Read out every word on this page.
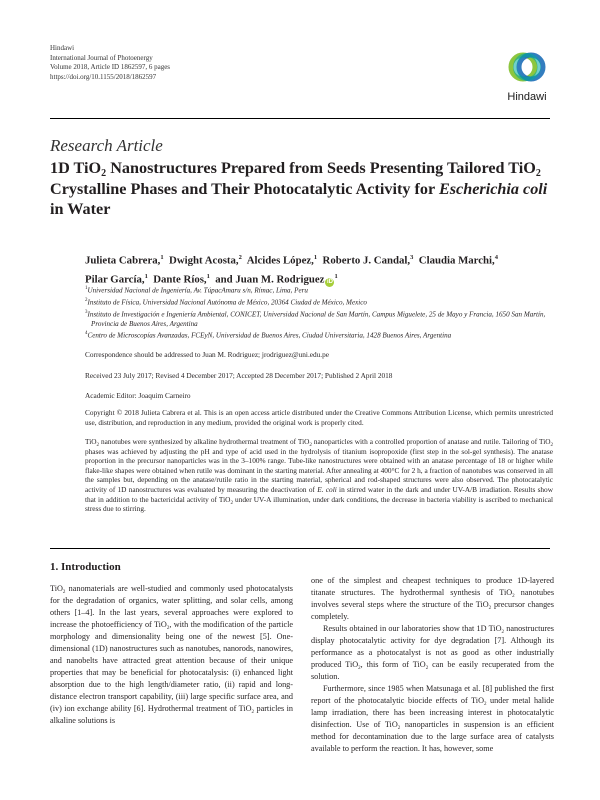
Hindawi
International Journal of Photoenergy
Volume 2018, Article ID 1862597, 6 pages
https://doi.org/10.1155/2018/1862597
Hindawi
Research Article
1D TiO$_2$ Nanostructures Prepared from Seeds Presenting Tailored TiO$_2$ Crystalline Phases and Their Photocatalytic Activity for Escherichia coli in Water
Julieta Cabrera,$^1$ Dwight Acosta,$^2$ Alcides López,$^1$ Roberto J. Candal,$^3$ Claudia Marchi,$^4$
Pilar García,$^1$ Dante Ríos,$^1$ and Juan M. Rodriguez $iD^1$
$^1$Universidad Nacional de Ingeniería, Av. TúpacAmaru s/n, Rímac, Lima, Peru
$^2$Instituto de Física, Universidad Nacional Autónoma de México, 20364 Ciudad de México, Mexico
$^3$Instituto de Investigación e Ingeniería Ambiental, CONICET, Universidad Nacional de San Martín, Campus Miguelete, 25 de Mayo y Francia, 1650 San Martín, Provincia de Buenos Aires, Argentina
$^4$Centro de Microscopías Avanzadas, FCEyN, Universidad de Buenos Aires, Ciudad Universitaria, 1428 Buenos Aires, Argentina
Correspondence should be addressed to Juan M. Rodriguez; jrodriguez@uni.edu.pe
Received 23 July 2017; Revised 4 December 2017; Accepted 28 December 2017; Published 2 April 2018
Academic Editor: Joaquim Carneiro
Copyright © 2018 Julieta Cabrera et al. This is an open access article distributed under the Creative Commons Attribution License, which permits unrestricted use, distribution, and reproduction in any medium, provided the original work is properly cited.
TiO$_2$ nanotubes were synthesized by alkaline hydrothermal treatment of TiO$_2$ nanoparticles with a controlled proportion of anatase and rutile. Tailoring of TiO$_2$ phases was achieved by adjusting the pH and type of acid used in the hydrolysis of titanium isopropoxide (first step in the sol-gel synthesis). The anatase proportion in the precursor nanoparticles was in the 3–100% range. Tube-like nanostructures were obtained with an anatase percentage of 18 or higher while flake-like shapes were obtained when rutile was dominant in the starting material. After annealing at 400°C for 2 h, a fraction of nanotubes was conserved in all the samples but, depending on the anatase/rutile ratio in the starting material, spherical and rod-shaped structures were also observed. The photocatalytic activity of 1D nanostructures was evaluated by measuring the deactivation of E. coli in stirred water in the dark and under UV-A/B irradiation. Results show that in addition to the bactericidal activity of TiO$_2$ under UV-A illumination, under dark conditions, the decrease in bacteria viability is ascribed to mechanical stress due to stirring.
1. Introduction

TiO$_2$ nanomaterials are well-studied and commonly used photocatalysts for the degradation of organics, water splitting, and solar cells, among others [1–4]. In the last years, several approaches were explored to increase the photoefficiency of TiO$_2$, with the modification of the particle morphology and dimensionality being one of the newest [5]. One-dimensional (1D) nanostructures such as nanotubes, nanorods, nanowires, and nanobelts have attracted great attention because of their unique properties that may be beneficial for photocatalysis: (i) enhanced light absorption due to the high length/diameter ratio, (ii) rapid and long-distance electron transport capability, (iii) large specific surface area, and (iv) ion exchange ability [6]. Hydrothermal treatment of TiO$_2$ particles in alkaline solutions is

one of the simplest and cheapest techniques to produce 1D-layered titanate structures. The hydrothermal synthesis of TiO$_2$ nanotubes involves several steps where the structure of the TiO$_2$ precursor changes completely.

Results obtained in our laboratories show that 1D TiO$_2$ nanostructures display photocatalytic activity for dye degradation [7]. Although its performance as a photocatalyst is not as good as other industrially produced TiO$_2$, this form of TiO$_2$ can be easily recuperated from the solution.

Furthermore, since 1985 when Matsunaga et al. [8] published the first report of the photocatalytic biocide effects of TiO$_2$ under metal halide lamp irradiation, there has been increasing interest in photocatalytic disinfection. Use of TiO$_2$ nanoparticles in suspension is an efficient method for decontamination due to the large surface area of catalysts available to perform the reaction. It has, however, some
